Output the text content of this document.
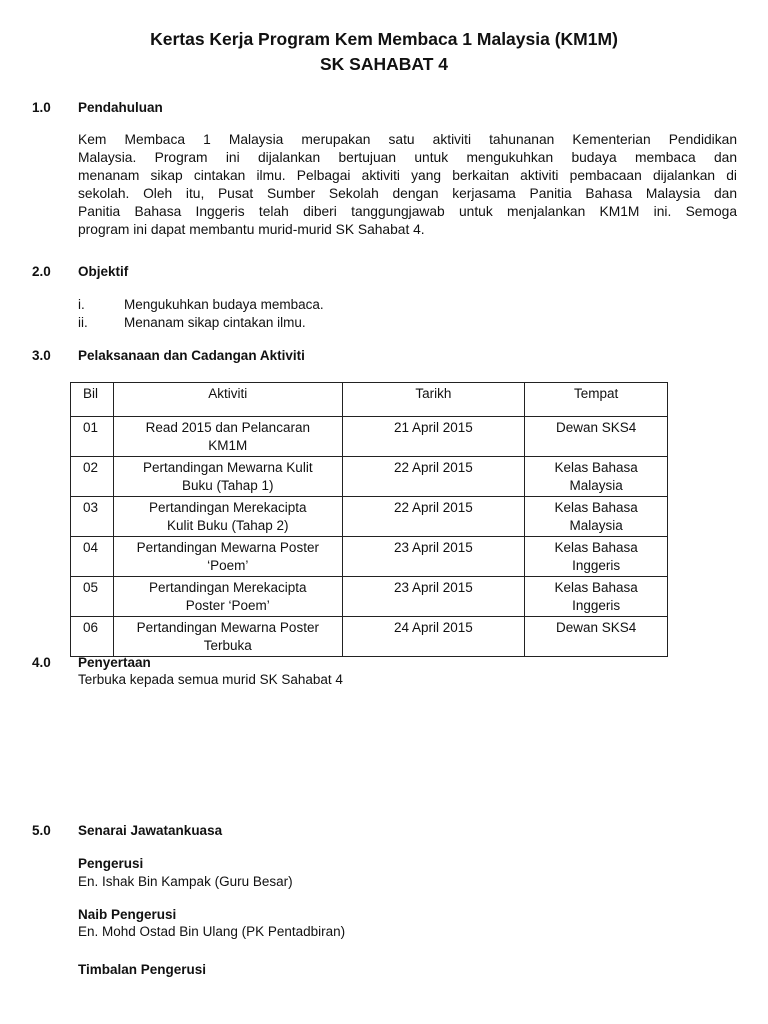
Kertas Kerja Program Kem Membaca 1 Malaysia (KM1M)
SK SAHABAT 4
1.0 Pendahuluan
Kem Membaca 1 Malaysia merupakan satu aktiviti tahunanan Kementerian Pendidikan
Malaysia. Program ini dijalankan bertujuan untuk mengukuhkan budaya membaca dan
menanam sikap cintakan ilmu. Pelbagai aktiviti yang berkaitan aktiviti pembacaan dijalankan di
sekolah. Oleh itu, Pusat Sumber Sekolah dengan kerjasama Panitia Bahasa Malaysia dan
Panitia Bahasa Inggeris telah diberi tanggungjawab untuk menjalankan KM1M ini. Semoga
program ini dapat membantu murid-murid SK Sahabat 4.
2.0 Objektif
i.	Mengukuhkan budaya membaca.
ii.	Menanam sikap cintakan ilmu.
3.0 Pelaksanaan dan Cadangan Aktiviti
Bil	Aktiviti	Tarikh	Tempat
01	Read 2015 dan Pelancaran
KM1M	21 April 2015	Dewan SKS4

02	Pertandingan Mewarna Kulit
Buku (Tahap 1)	22 April 2015	Kelas Bahasa
Malaysia
03	Pertandingan Merekacipta
Kulit Buku (Tahap 2)	22 April 2015	Kelas Bahasa
Malaysia
04	Pertandingan Mewarna Poster
‘Poem’	23 April 2015	Kelas Bahasa
Inggeris
05	Pertandingan Merekacipta
Poster ‘Poem’	23 April 2015	Kelas Bahasa
Inggeris
06	Pertandingan Mewarna Poster
Terbuka	24 April 2015	Dewan SKS4

4.0 Penyertaan
Terbuka kepada semua murid SK Sahabat 4
5.0 Senarai Jawatankuasa
Pengerusi
En. Ishak Bin Kampak (Guru Besar)
Naib Pengerusi
En. Mohd Ostad Bin Ulang (PK Pentadbiran)
Timbalan Pengerusi
